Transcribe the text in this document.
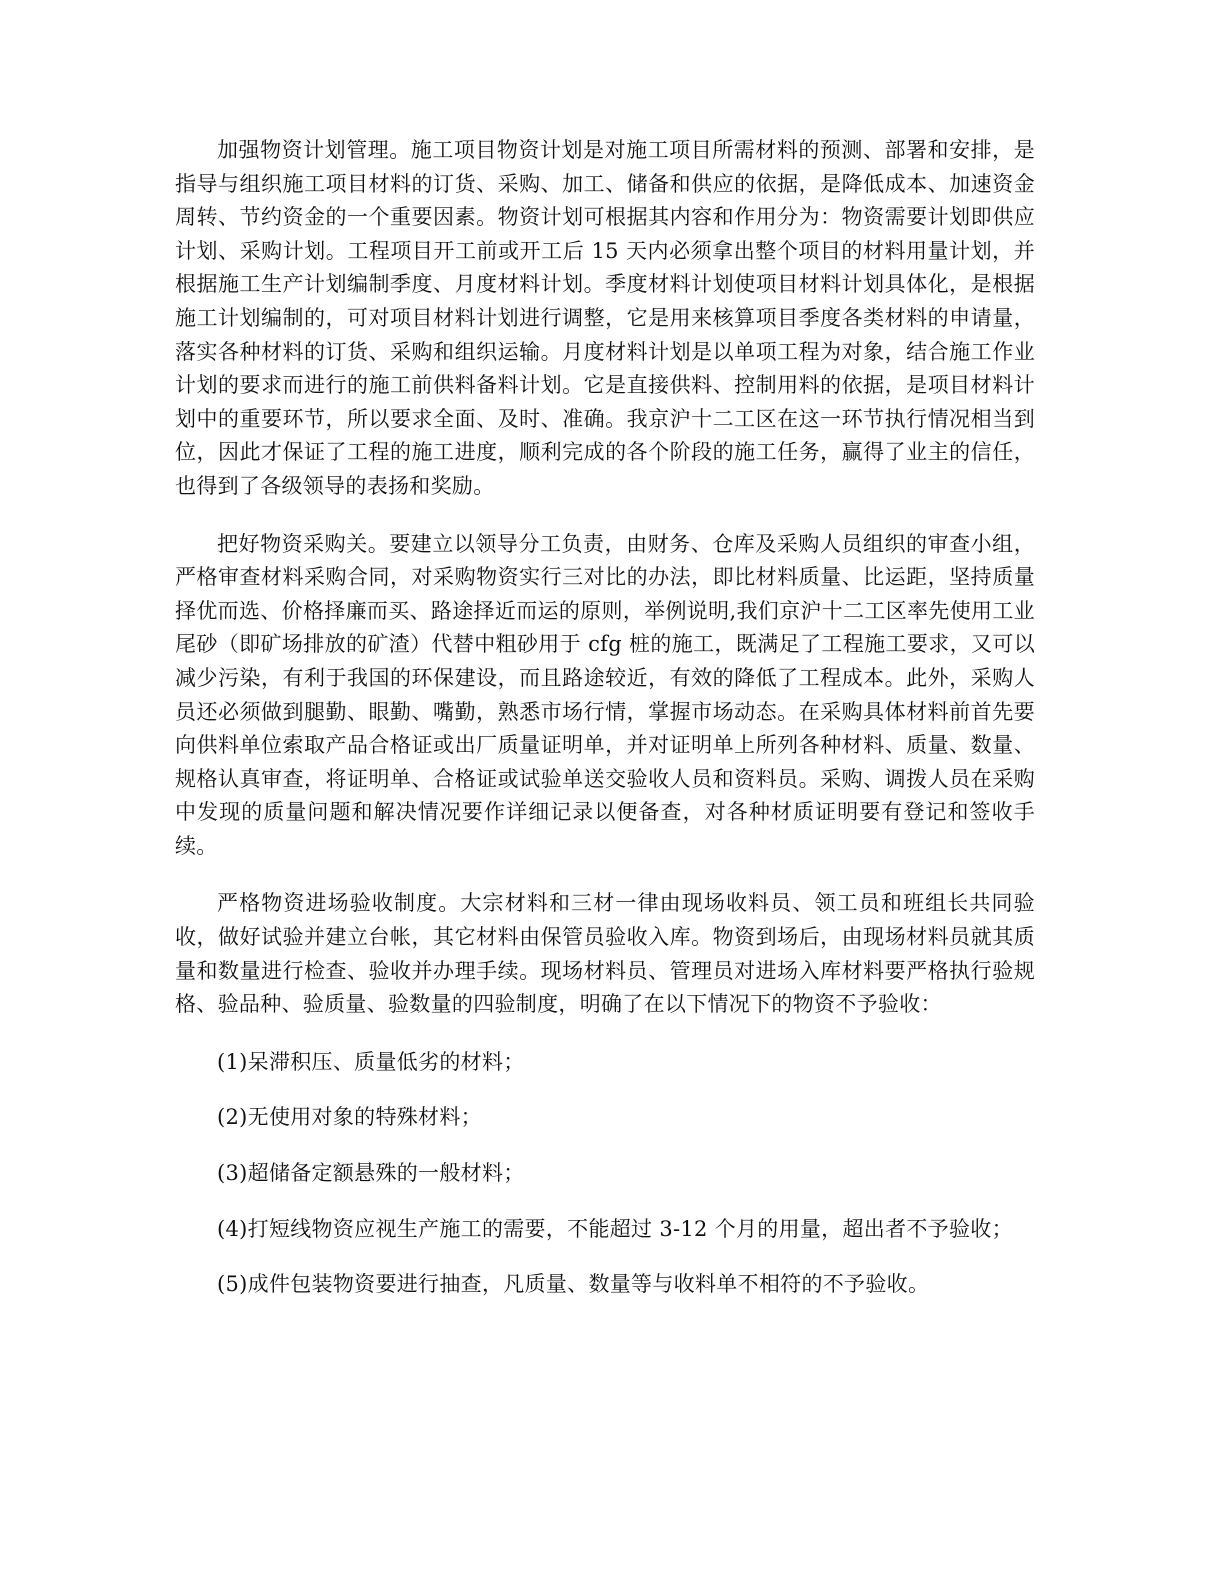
加强物资计划管理。施工项目物资计划是对施工项目所需材料的预测、部署和安排，是指导与组织施工项目材料的订货、采购、加工、储备和供应的依据，是降低成本、加速资金周转、节约资金的一个重要因素。物资计划可根据其内容和作用分为：物资需要计划即供应计划、采购计划。工程项目开工前或开工后 15 天内必须拿出整个项目的材料用量计划，并根据施工生产计划编制季度、月度材料计划。季度材料计划使项目材料计划具体化，是根据施工计划编制的，可对项目材料计划进行调整，它是用来核算项目季度各类材料的申请量，落实各种材料的订货、采购和组织运输。月度材料计划是以单项工程为对象，结合施工作业计划的要求而进行的施工前供料备料计划。它是直接供料、控制用料的依据，是项目材料计划中的重要环节，所以要求全面、及时、准确。我京沪十二工区在这一环节执行情况相当到位，因此才保证了工程的施工进度，顺利完成的各个阶段的施工任务，赢得了业主的信任，也得到了各级领导的表扬和奖励。

把好物资采购关。要建立以领导分工负责，由财务、仓库及采购人员组织的审查小组，严格审查材料采购合同，对采购物资实行三对比的办法，即比材料质量、比运距，坚持质量择优而选、价格择廉而买、路途择近而运的原则，举例说明,我们京沪十二工区率先使用工业尾砂（即矿场排放的矿渣）代替中粗砂用于 cfg 桩的施工，既满足了工程施工要求，又可以减少污染，有利于我国的环保建设，而且路途较近，有效的降低了工程成本。此外，采购人员还必须做到腿勤、眼勤、嘴勤，熟悉市场行情，掌握市场动态。在采购具体材料前首先要向供料单位索取产品合格证或出厂质量证明单，并对证明单上所列各种材料、质量、数量、规格认真审查，将证明单、合格证或试验单送交验收人员和资料员。采购、调拨人员在采购中发现的质量问题和解决情况要作详细记录以便备查，对各种材质证明要有登记和签收手续。

严格物资进场验收制度。大宗材料和三材一律由现场收料员、领工员和班组长共同验收，做好试验并建立台帐，其它材料由保管员验收入库。物资到场后，由现场材料员就其质量和数量进行检查、验收并办理手续。现场材料员、管理员对进场入库材料要严格执行验规格、验品种、验质量、验数量的四验制度，明确了在以下情况下的物资不予验收：

(1)呆滞积压、质量低劣的材料；

(2)无使用对象的特殊材料；

(3)超储备定额悬殊的一般材料；

(4)打短线物资应视生产施工的需要，不能超过 3-12 个月的用量，超出者不予验收；

(5)成件包装物资要进行抽查，凡质量、数量等与收料单不相符的不予验收。
